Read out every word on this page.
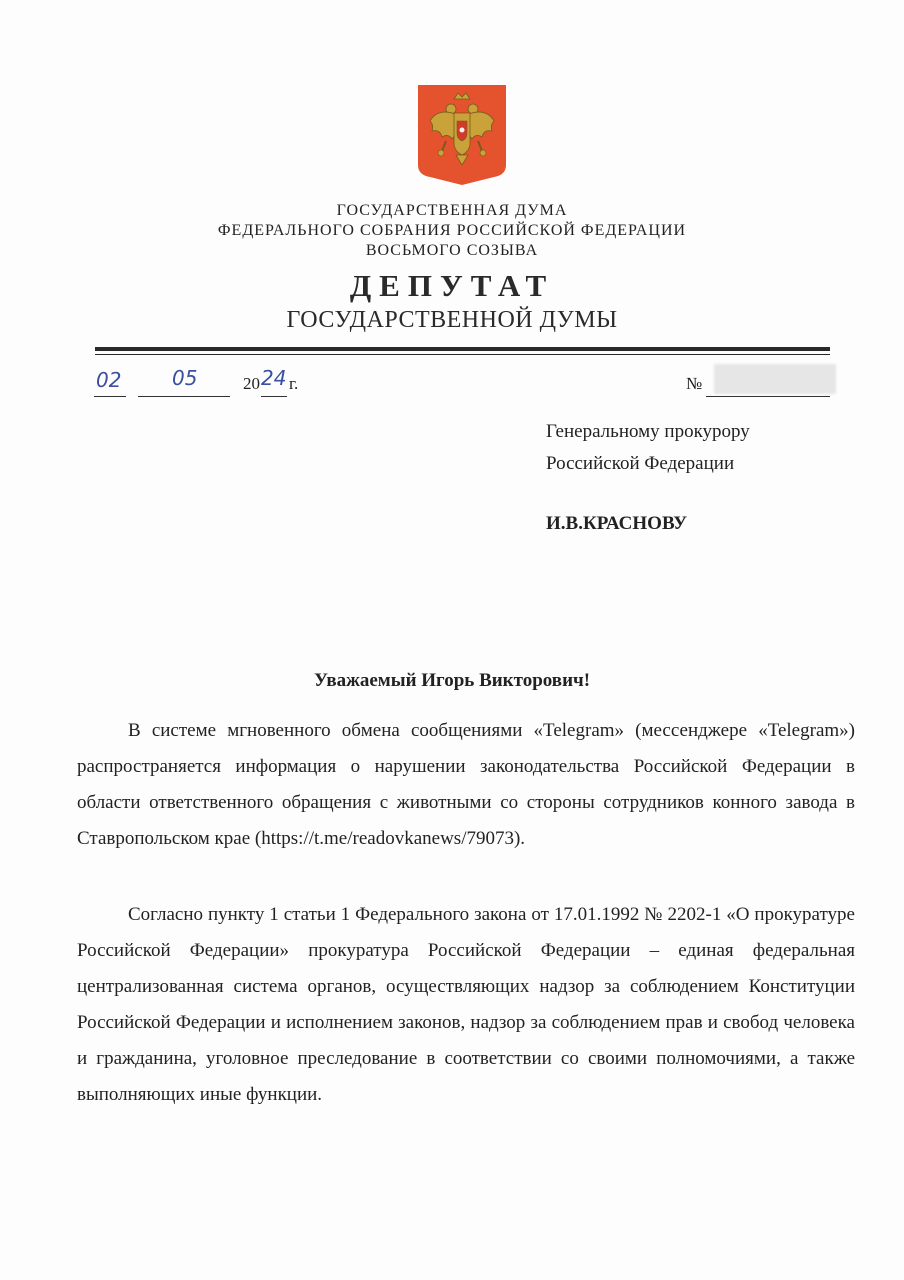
ГОСУДАРСТВЕННАЯ ДУМА
ФЕДЕРАЛЬНОГО СОБРАНИЯ РОССИЙСКОЙ ФЕДЕРАЦИИ
ВОСЬМОГО СОЗЫВА
ДЕПУТАТ
ГОСУДАРСТВЕННОЙ ДУМЫ
02	05	20 24 г.	№
Генеральному прокурору
Российской Федерации
И.В.КРАСНОВУ
Уважаемый Игорь Викторович!

В системе мгновенного обмена сообщениями «Telegram» (мессенджере «Telegram») распространяется информация о нарушении законодательства Российской Федерации в области ответственного обращения с животными со стороны сотрудников конного завода в Ставропольском крае (https://t.me/readovkanews/79073).

Согласно пункту 1 статьи 1 Федерального закона от 17.01.1992 № 2202-1 «О прокуратуре Российской Федерации» прокуратура Российской Федерации – единая федеральная централизованная система органов, осуществляющих надзор за соблюдением Конституции Российской Федерации и исполнением законов, надзор за соблюдением прав и свобод человека и гражданина, уголовное преследование в соответствии со своими полномочиями, а также выполняющих иные функции.
